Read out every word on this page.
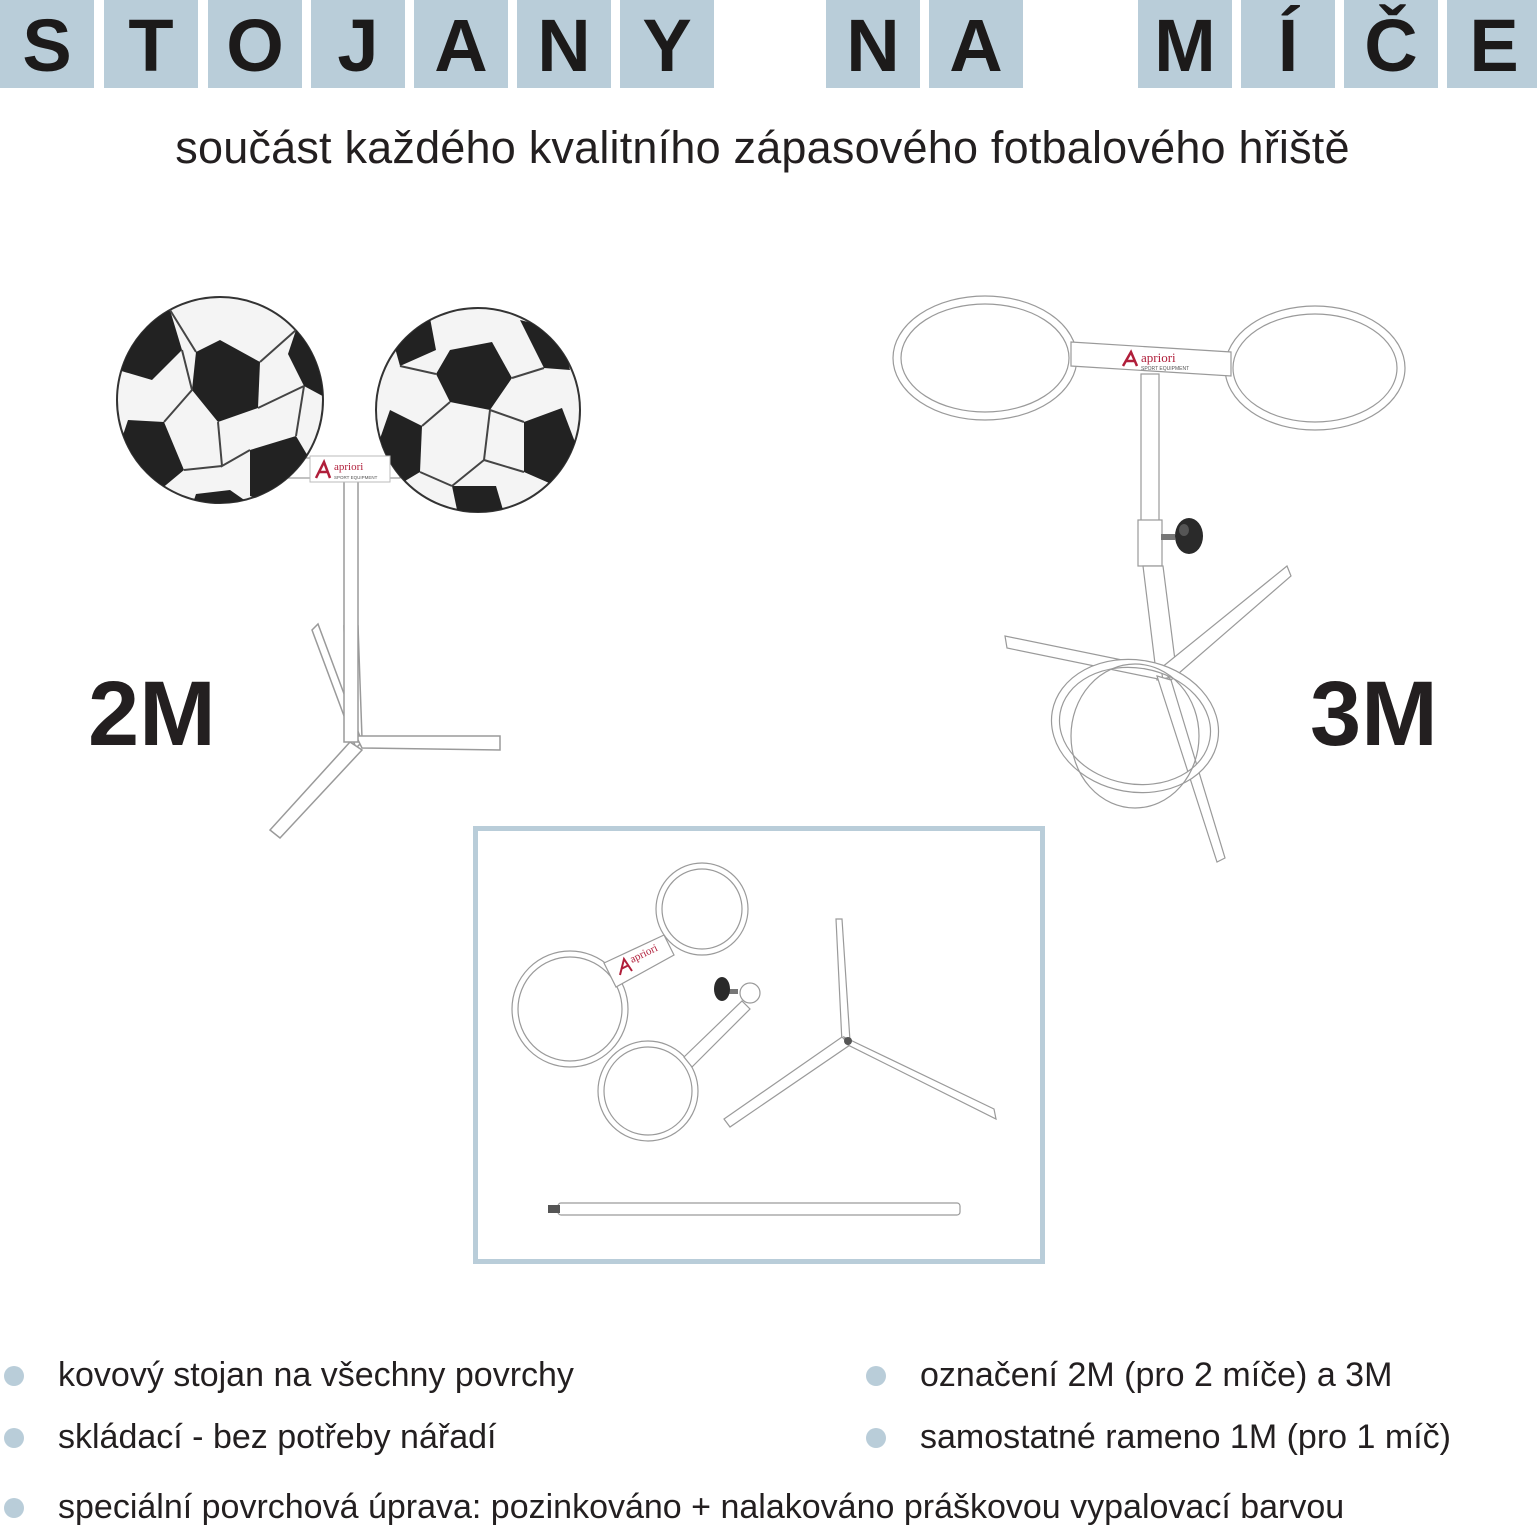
S T O J A N Y	N A M Í Č E
součást každého kvalitního zápasového fotbalového hřiště
apriori
SPORT EQUIPMENT
2M
apriori
SPORT EQUIPMENT
3M
apriori
kovový stojan na všechny povrchy
skládací - bez potřeby nářadí
speciální povrchová úprava: pozinkováno + nalakováno práškovou vypalovací barvou
označení 2M (pro 2 míče) a 3M
samostatné rameno 1M (pro 1 míč)
